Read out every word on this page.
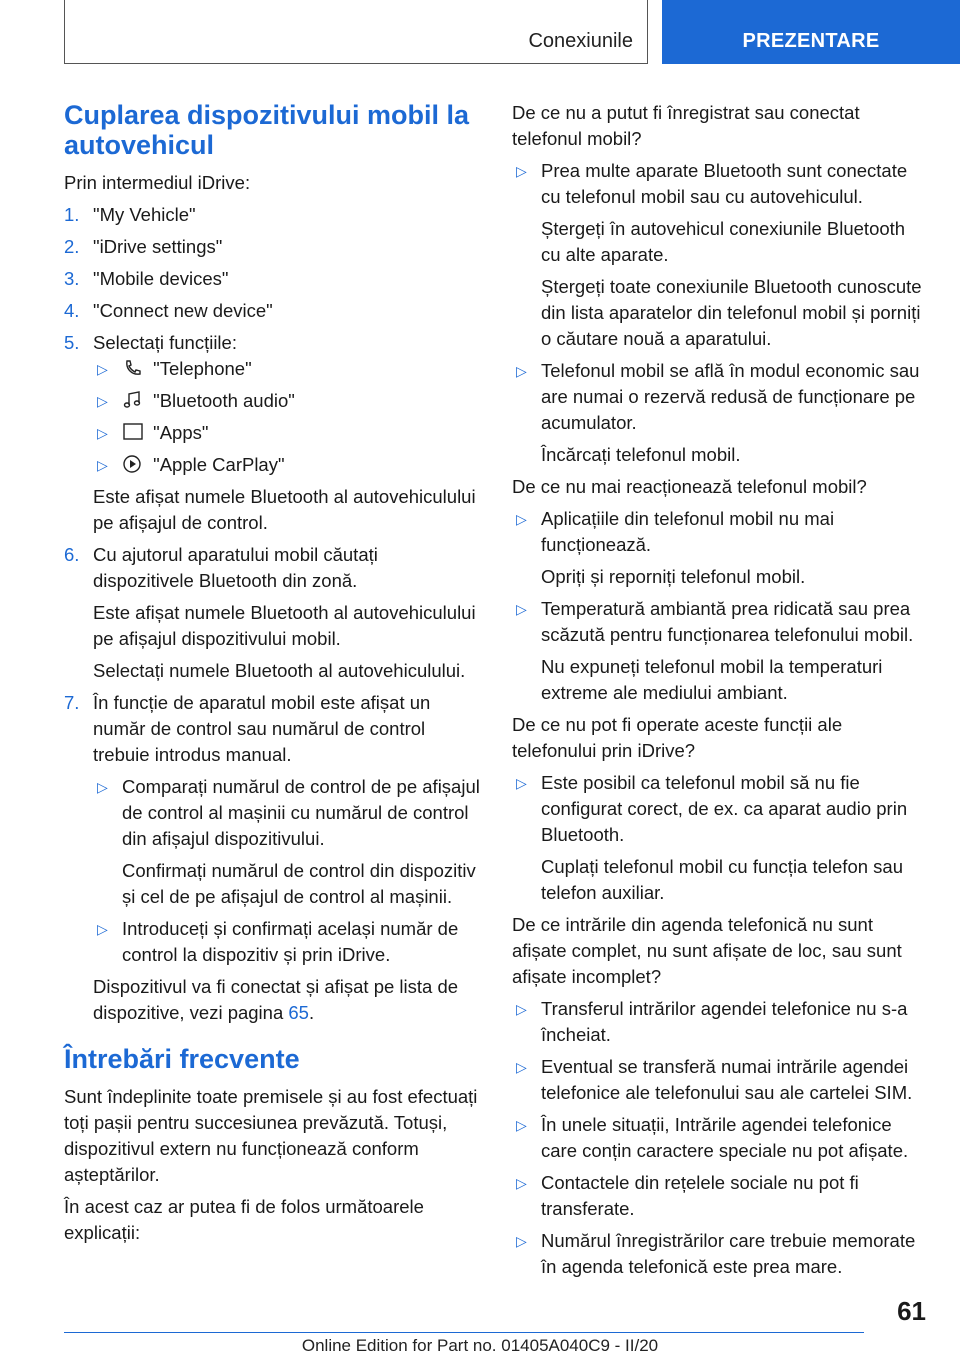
Conexiunile	PREZENTARE
Cuplarea dispozitivului mobil la autovehicul

Prin intermediul iDrive:

1. "My Vehicle"
2. "iDrive settings"
3. "Mobile devices"
4. "Connect new device"
5. Selectați funcțiile:
▷ "Telephone"
▷ "Bluetooth audio"
▷ "Apps"
▷ "Apple CarPlay"

Este afișat numele Bluetooth al autovehiculului pe afișajul de control.

6. Cu ajutorul aparatului mobil căutați dispozitivele Bluetooth din zonă.

Este afișat numele Bluetooth al autovehiculului pe afișajul dispozitivului mobil.

Selectați numele Bluetooth al autovehiculului.

7. În funcție de aparatul mobil este afișat un număr de control sau numărul de control trebuie introdus manual.

▷ Comparați numărul de control de pe afișajul de control al mașinii cu numărul de control din afișajul dispozitivului.

Confirmați numărul de control din dispozitiv și cel de pe afișajul de control al mașinii.

▷ Introduceți și confirmați același număr de control la dispozitiv și prin iDrive.

Dispozitivul va fi conectat și afișat pe lista de dispozitive, vezi pagina 65.

Întrebări frecvente

Sunt îndeplinite toate premisele și au fost efectuați toți pașii pentru succesiunea prevăzută. Totuși, dispozitivul extern nu funcționează conform așteptărilor.

În acest caz ar putea fi de folos următoarele explicații:

De ce nu a putut fi înregistrat sau conectat telefonul mobil?

▷ Prea multe aparate Bluetooth sunt conectate cu telefonul mobil sau cu autovehiculul.

Ștergeți în autovehicul conexiunile Bluetooth cu alte aparate.

Ștergeți toate conexiunile Bluetooth cunoscute din lista aparatelor din telefonul mobil și porniți o căutare nouă a aparatului.

▷ Telefonul mobil se află în modul economic sau are numai o rezervă redusă de funcționare pe acumulator.

Încărcați telefonul mobil.

De ce nu mai reacționează telefonul mobil?

▷ Aplicațiile din telefonul mobil nu mai funcționează.

Opriți și reporniți telefonul mobil.

▷ Temperatură ambiantă prea ridicată sau prea scăzută pentru funcționarea telefonului mobil.

Nu expuneți telefonul mobil la temperaturi extreme ale mediului ambiant.

De ce nu pot fi operate aceste funcții ale telefonului prin iDrive?

▷ Este posibil ca telefonul mobil să nu fie configurat corect, de ex. ca aparat audio prin Bluetooth.

Cuplați telefonul mobil cu funcția telefon sau telefon auxiliar.

De ce intrările din agenda telefonică nu sunt afișate complet, nu sunt afișate de loc, sau sunt afișate incomplet?

▷ Transferul intrărilor agendei telefonice nu s-a încheiat.

▷ Eventual se transferă numai intrările agendei telefonice ale telefonului sau ale cartelei SIM.

▷ În unele situații, Intrările agendei telefonice care conțin caractere speciale nu pot afișate.

▷ Contactele din rețelele sociale nu pot fi transferate.

▷ Numărul înregistrărilor care trebuie memorate în agenda telefonică este prea mare.

61
Online Edition for Part no. 01405A040C9 - II/20
